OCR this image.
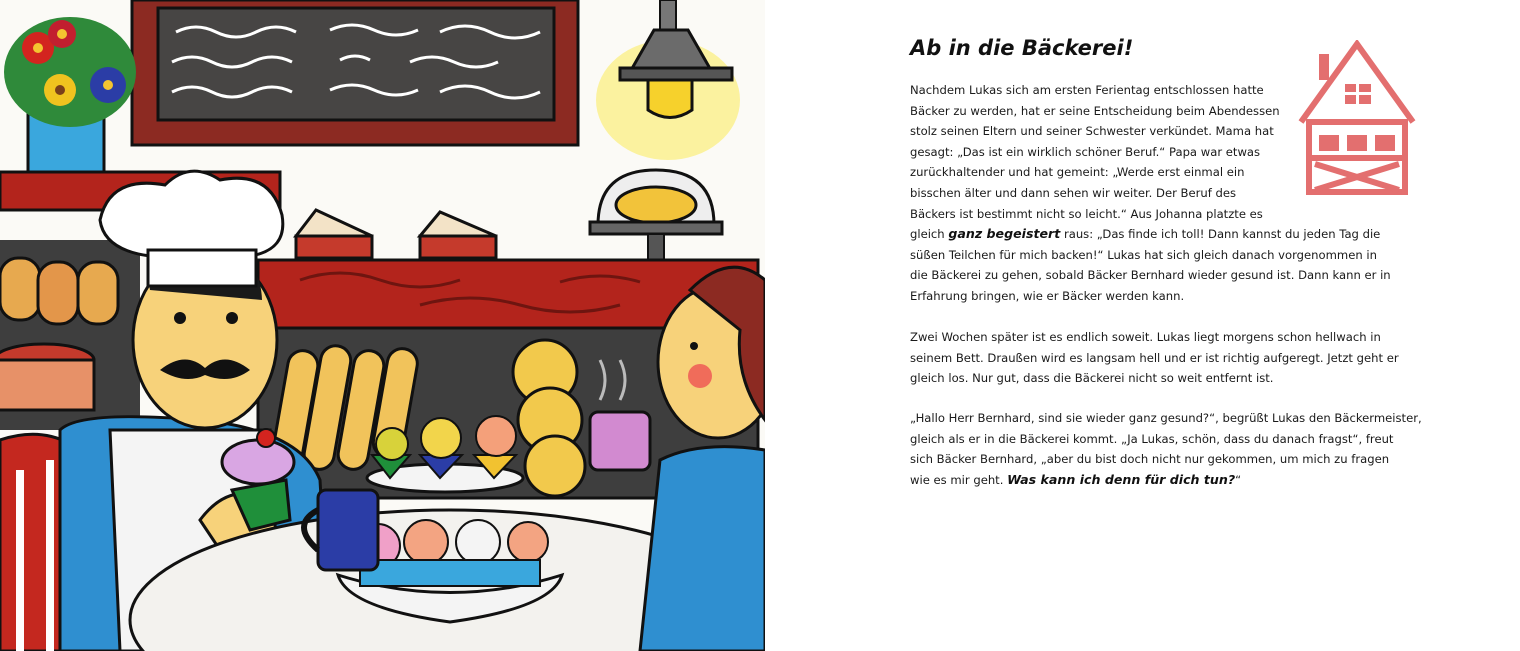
Ab in die Bäckerei!

Nachdem Lukas sich am ersten Ferientag entschlossen hatte
Bäcker zu werden, hat er seine Entscheidung beim Abendessen
stolz seinen Eltern und seiner Schwester verkündet. Mama hat
gesagt: „Das ist ein wirklich schöner Beruf.“ Papa war etwas
zurückhaltender und hat gemeint: „Werde erst einmal ein
bisschen älter und dann sehen wir weiter. Der Beruf des
Bäckers ist bestimmt nicht so leicht.“ Aus Johanna platzte es
gleich ganz begeistert raus: „Das finde ich toll! Dann kannst du jeden Tag die
süßen Teilchen für mich backen!“ Lukas hat sich gleich danach vorgenommen in
die Bäckerei zu gehen, sobald Bäcker Bernhard wieder gesund ist. Dann kann er in
Erfahrung bringen, wie er Bäcker werden kann.

Zwei Wochen später ist es endlich soweit. Lukas liegt morgens schon hellwach in
seinem Bett. Draußen wird es langsam hell und er ist richtig aufgeregt. Jetzt geht er
gleich los. Nur gut, dass die Bäckerei nicht so weit entfernt ist.

„Hallo Herr Bernhard, sind sie wieder ganz gesund?“, begrüßt Lukas den Bäckermeister,
gleich als er in die Bäckerei kommt. „Ja Lukas, schön, dass du danach fragst“, freut
sich Bäcker Bernhard, „aber du bist doch nicht nur gekommen, um mich zu fragen
wie es mir geht. Was kann ich denn für dich tun?“
